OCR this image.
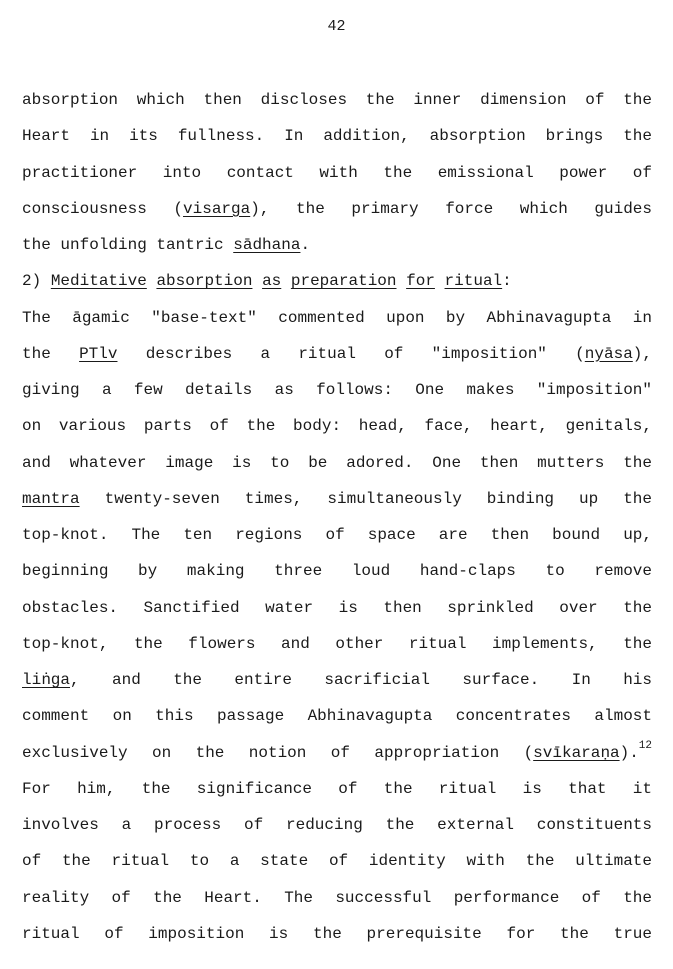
42
absorption which then discloses the inner dimension of the
Heart in its fullness. In addition, absorption brings the
practitioner into contact with the emissional power of
consciousness (visarga), the primary force which guides
the unfolding tantric sādhana.
2) Meditative absorption as preparation for ritual:
The āgamic "base-text" commented upon by Abhinavagupta in
the PTlv describes a ritual of "imposition" (nyāsa),
giving a few details as follows: One makes "imposition"
on various parts of the body: head, face, heart, genitals,
and whatever image is to be adored. One then mutters the
mantra twenty-seven times, simultaneously binding up the
top-knot. The ten regions of space are then bound up,
beginning by making three loud hand-claps to remove
obstacles. Sanctified water is then sprinkled over the
top-knot, the flowers and other ritual implements, the
liṅga, and the entire sacrificial surface. In his
comment on this passage Abhinavagupta concentrates almost
exclusively on the notion of appropriation (svīkaraṇa).$^{12}$
For him, the significance of the ritual is that it
involves a process of reducing the external constituents
of the ritual to a state of identity with the ultimate
reality of the Heart. The successful performance of the
ritual of imposition is the prerequisite for the true
